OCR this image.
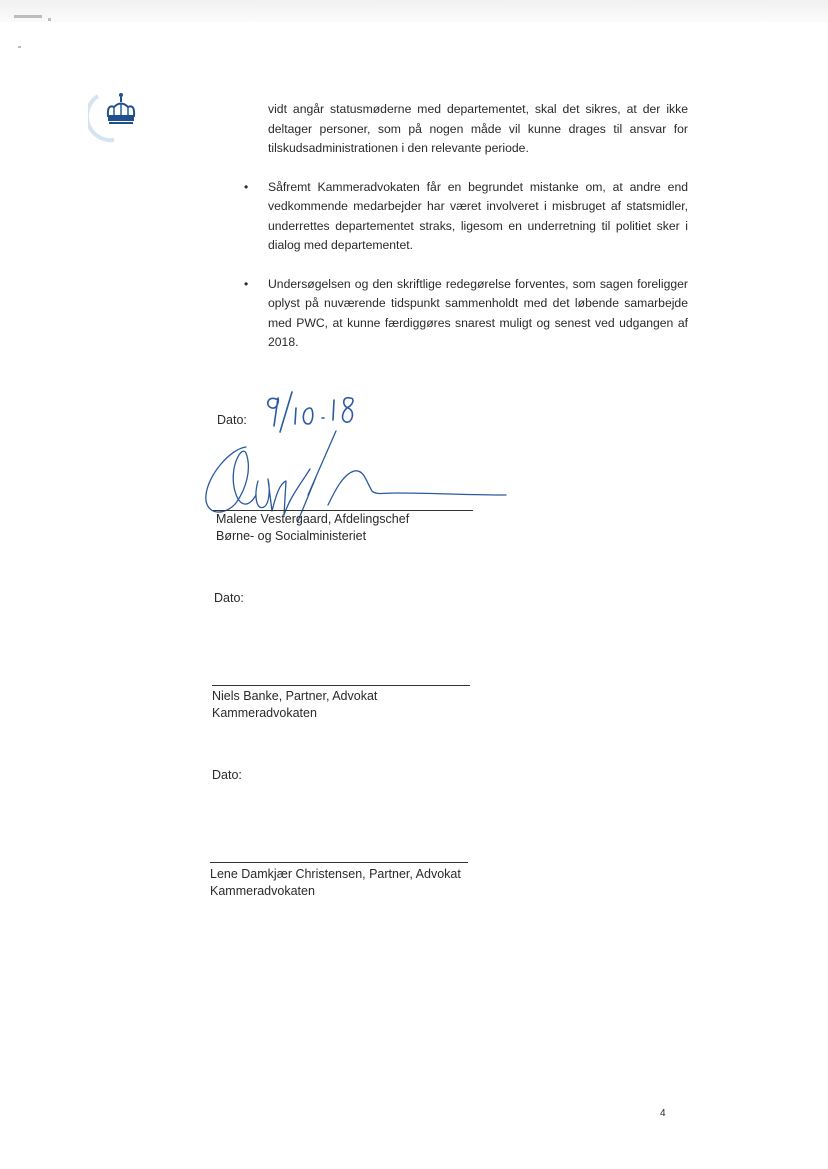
vidt angår statusmøderne med departementet, skal det sikres, at der ikke deltager personer, som på nogen måde vil kunne drages til ansvar for tilskudsadministrationen i den relevante periode.

•	Såfremt Kammeradvokaten får en begrundet mistanke om, at andre end vedkommende medarbejder har været involveret i misbruget af statsmidler, underrettes departementet straks, ligesom en underretning til politiet sker i dialog med departementet.
•	Undersøgelsen og den skriftlige redegørelse forventes, som sagen foreligger oplyst på nuværende tidspunkt sammenholdt med det løbende samarbejde med PWC, at kunne færdiggøres snarest muligt og senest ved udgangen af 2018.
Dato:
Malene Vestergaard, Afdelingschef
Børne- og Socialministeriet
Dato:
Niels Banke, Partner, Advokat
Kammeradvokaten
Dato:
Lene Damkjær Christensen, Partner, Advokat
Kammeradvokaten
4
